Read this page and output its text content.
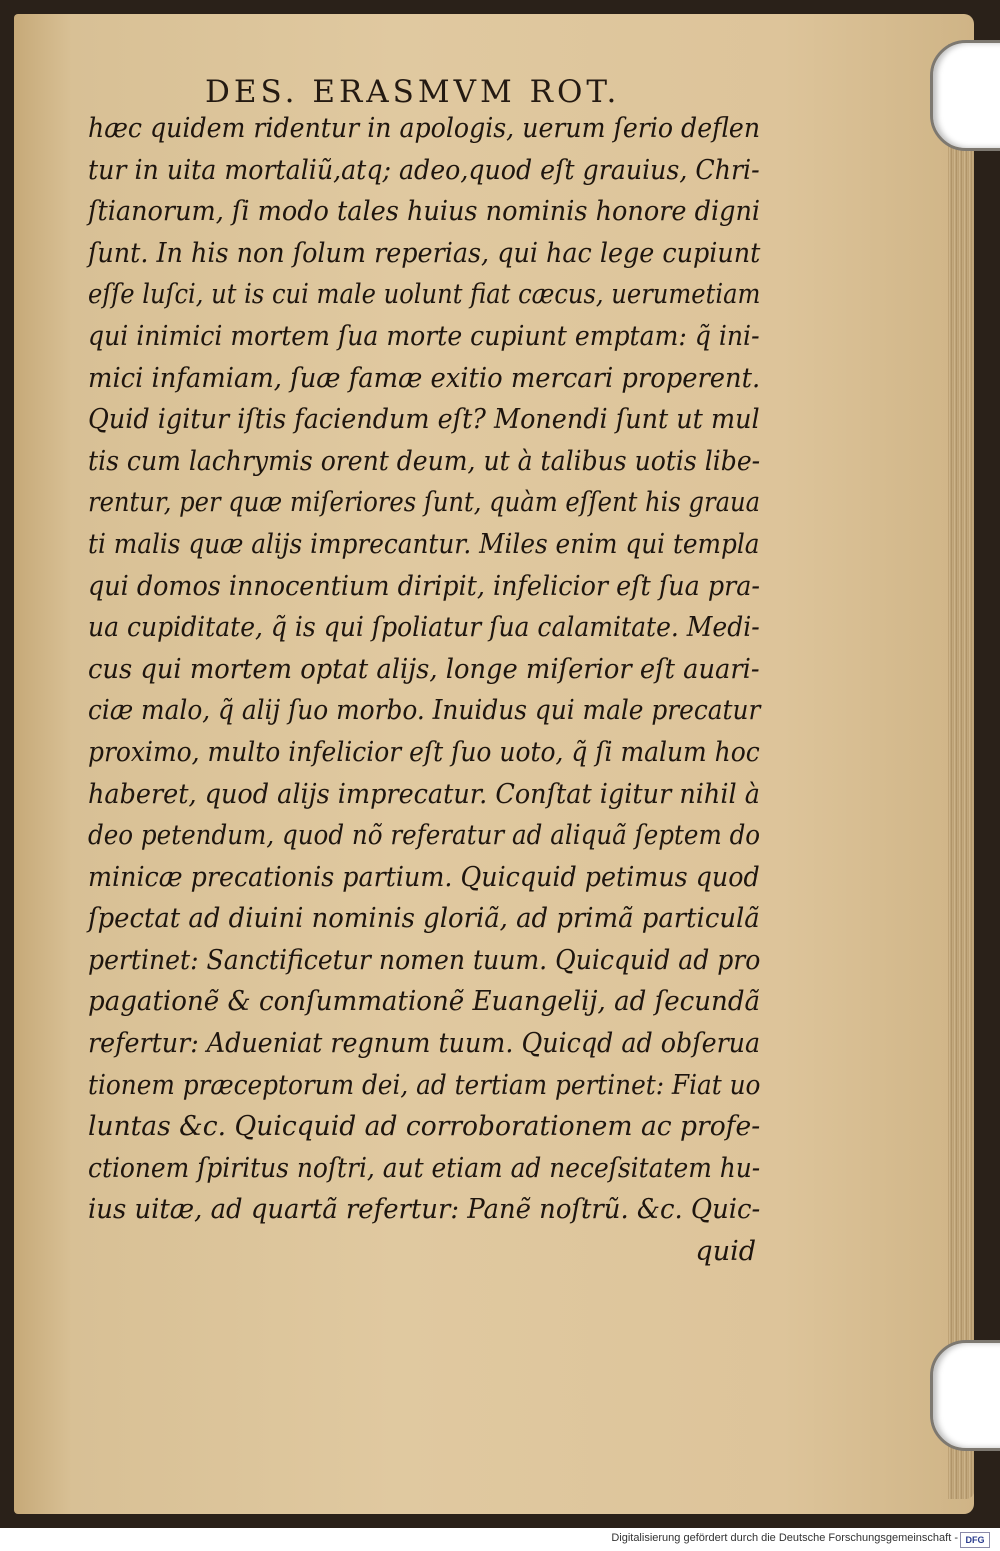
DES. ERASMVM ROT.
hæc quidem ridentur in apologis, uerum ſerio deflen
tur in uita mortaliũ,atq; adeo,quod eſt grauius, Chri-
ſtianorum, ſi modo tales huius nominis honore digni
ſunt. In his non ſolum reperias, qui hac lege cupiunt
eſſe luſci, ut is cui male uolunt fiat cæcus, uerumetiam
qui inimici mortem ſua morte cupiunt emptam: q̃ ini-
mici infamiam, ſuæ famæ exitio mercari properent.
Quid igitur iſtis faciendum eſt? Monendi ſunt ut mul
tis cum lachrymis orent deum, ut à talibus uotis libe-
rentur, per quæ miſeriores ſunt, quàm eſſent his graua
ti malis quæ alijs imprecantur. Miles enim qui templa
qui domos innocentium diripit, infelicior eſt ſua pra-
ua cupiditate, q̃ is qui ſpoliatur ſua calamitate. Medi-
cus qui mortem optat alijs, longe miſerior eſt auari-
ciæ malo, q̃ alij ſuo morbo. Inuidus qui male precatur
proximo, multo infelicior eſt ſuo uoto, q̃ ſi malum hoc
haberet, quod alijs imprecatur. Conſtat igitur nihil à
deo petendum, quod nõ referatur ad aliquã ſeptem do
minicæ precationis partium. Quicquid petimus quod
ſpectat ad diuini nominis gloriã, ad primã particulã
pertinet: Sanctificetur nomen tuum. Quicquid ad pro
pagationẽ & conſummationẽ Euangelij, ad ſecundã
refertur: Adueniat regnum tuum. Quicqd ad obſerua
tionem præceptorum dei, ad tertiam pertinet: Fiat uo
luntas &c. Quicquid ad corroborationem ac profe-
ctionem ſpiritus noſtri, aut etiam ad neceſsitatem hu-
ius uitæ, ad quartã refertur: Panẽ noſtrũ. &c. Quic-
quid
Digitalisierung gefördert durch die Deutsche Forschungsgemeinschaft - DFG
